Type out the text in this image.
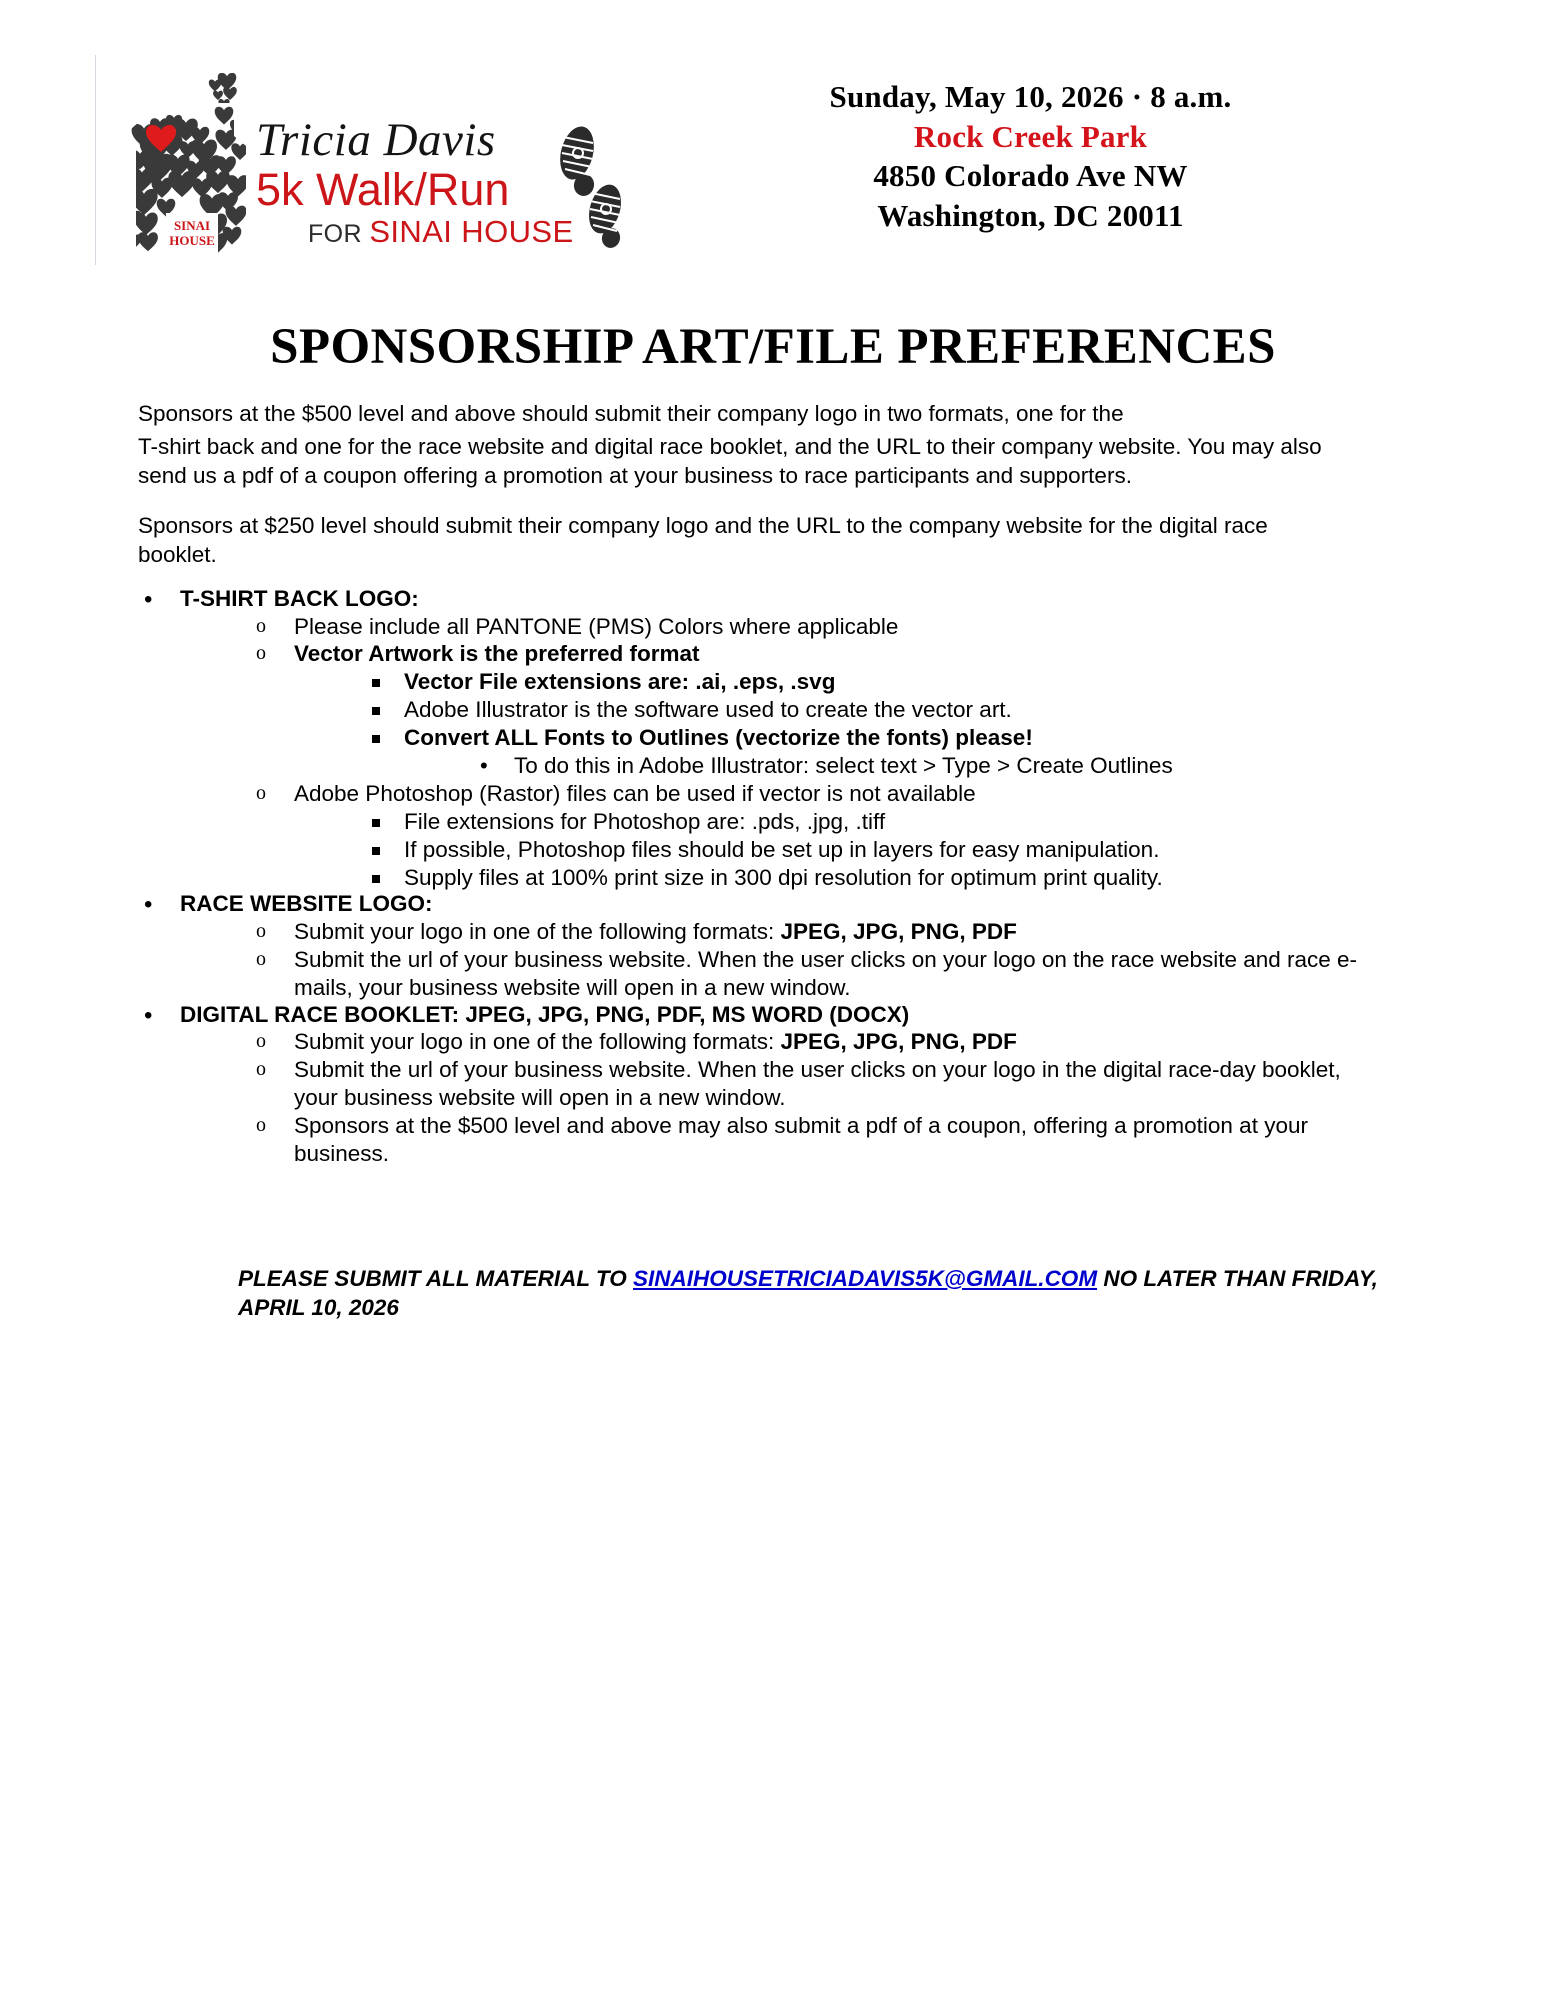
SINAI
HOUSE
Tricia Davis
5k Walk/Run
FOR SINAI HOUSE
Sunday, May 10, 2026 · 8 a.m.
Rock Creek Park
4850 Colorado Ave NW
Washington, DC 20011
SPONSORSHIP ART/FILE PREFERENCES

Sponsors at the $500 level and above should submit their company logo in two formats, one for the

T-shirt back and one for the race website and digital race booklet, and the URL to their company website. You may also send us a pdf of a coupon offering a promotion at your business to race participants and supporters.

Sponsors at $250 level should submit their company logo and the URL to the company website for the digital race booklet.

• T-SHIRT BACK LOGO:
o Please include all PANTONE (PMS) Colors where applicable
o Vector Artwork is the preferred format
Vector File extensions are: .ai, .eps, .svg
Adobe Illustrator is the software used to create the vector art.
Convert ALL Fonts to Outlines (vectorize the fonts) please!
• To do this in Adobe Illustrator: select text > Type > Create Outlines
o Adobe Photoshop (Rastor) files can be used if vector is not available
File extensions for Photoshop are: .pds, .jpg, .tiff
If possible, Photoshop files should be set up in layers for easy manipulation.
Supply files at 100% print size in 300 dpi resolution for optimum print quality.
• RACE WEBSITE LOGO:
o Submit your logo in one of the following formats: JPEG, JPG, PNG, PDF
o Submit the url of your business website. When the user clicks on your logo on the race website and race e-mails, your business website will open in a new window.
• DIGITAL RACE BOOKLET: JPEG, JPG, PNG, PDF, MS WORD (DOCX)
o Submit your logo in one of the following formats: JPEG, JPG, PNG, PDF
o Submit the url of your business website. When the user clicks on your logo in the digital race-day booklet, your business website will open in a new window.
o Sponsors at the $500 level and above may also submit a pdf of a coupon, offering a promotion at your business.
PLEASE SUBMIT ALL MATERIAL TO SINAIHOUSETRICIADAVIS5K@GMAIL.COM NO LATER THAN FRIDAY, APRIL 10, 2026
